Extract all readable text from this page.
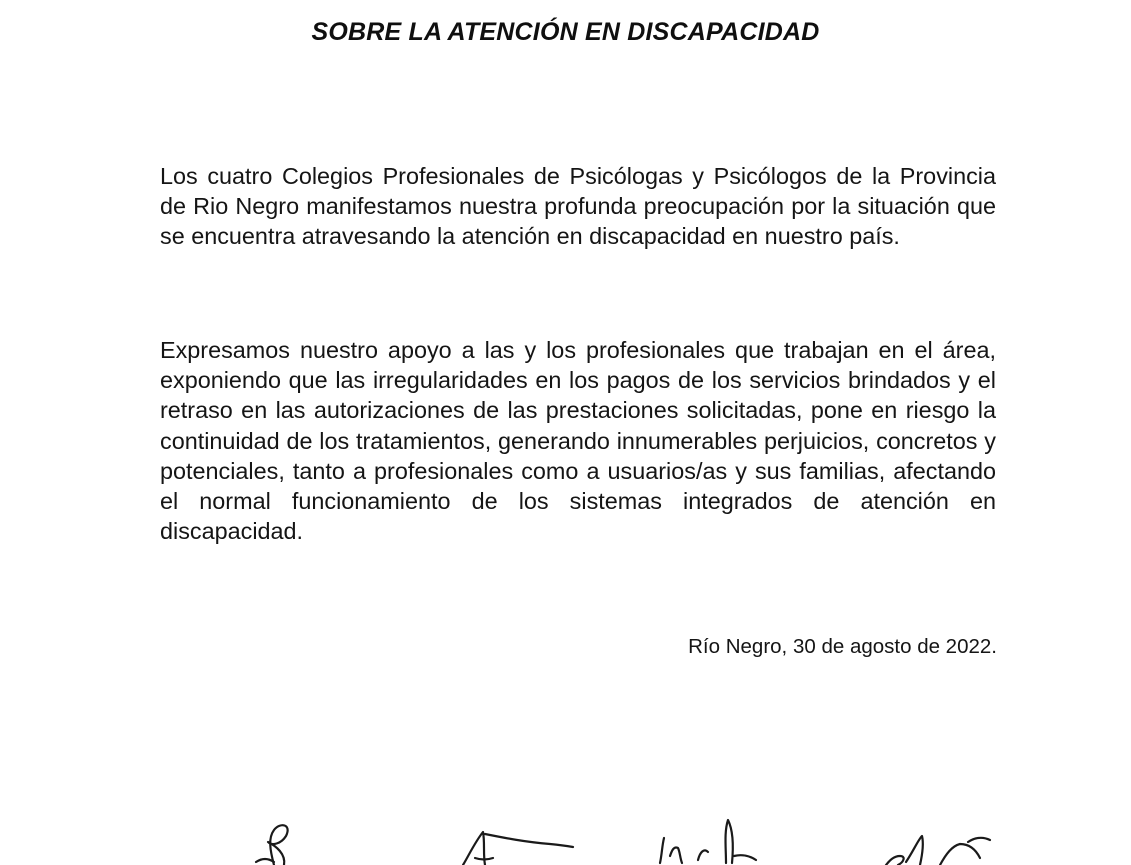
SOBRE LA ATENCIÓN EN DISCAPACIDAD

Los cuatro Colegios Profesionales de Psicólogas y Psicólogos de la Provincia de Rio Negro manifestamos nuestra profunda preocupación por la situación que se encuentra atravesando la atención en discapacidad en nuestro país.

Expresamos nuestro apoyo a las y los profesionales que trabajan en el área, exponiendo que las irregularidades en los pagos de los servicios brindados y el retraso en las autorizaciones de las prestaciones solicitadas, pone en riesgo la continuidad de los tratamientos, generando innumerables perjuicios, concretos y potenciales, tanto a profesionales como a usuarios/as y sus familias, afectando el normal funcionamiento de los sistemas integrados de atención en discapacidad.

Río Negro, 30 de agosto de 2022.
